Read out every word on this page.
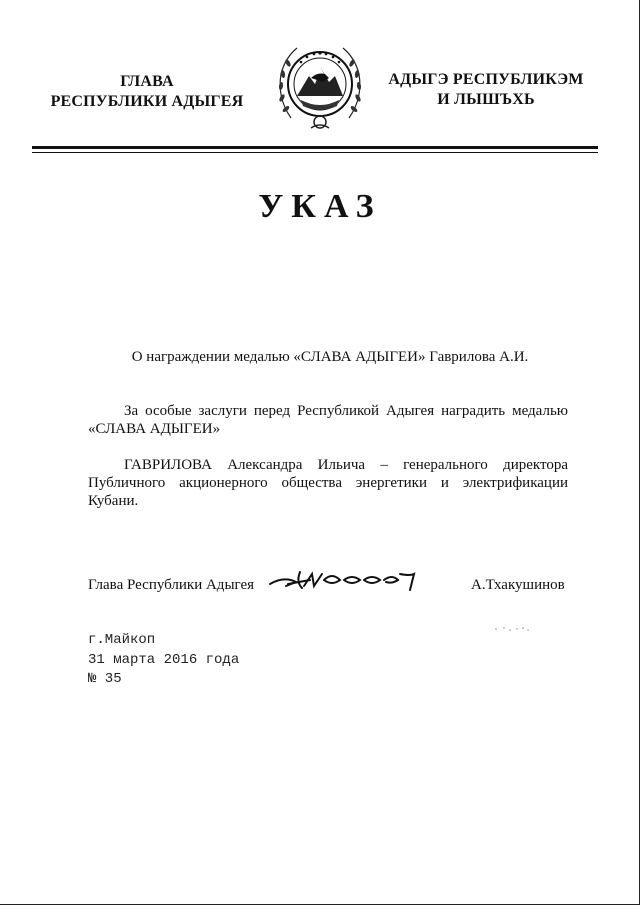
ГЛАВА
РЕСПУБЛИКИ АДЫГЕЯ
АДЫГЭ РЕСПУБЛИКЭМ
И ЛЫШЪХЬ
УКАЗ
О награждении медалью «СЛАВА АДЫГЕИ» Гаврилова А.И.
За особые заслуги перед Республикой Адыгея наградить медалью «СЛАВА АДЫГЕИ»
ГАВРИЛОВА Александра Ильича – генерального директора Публичного акционерного общества энергетики и электрификации Кубани.
Глава Республики Адыгея	А.Тхакушинов
г.Майкоп
31 марта 2016 года
№ 35
